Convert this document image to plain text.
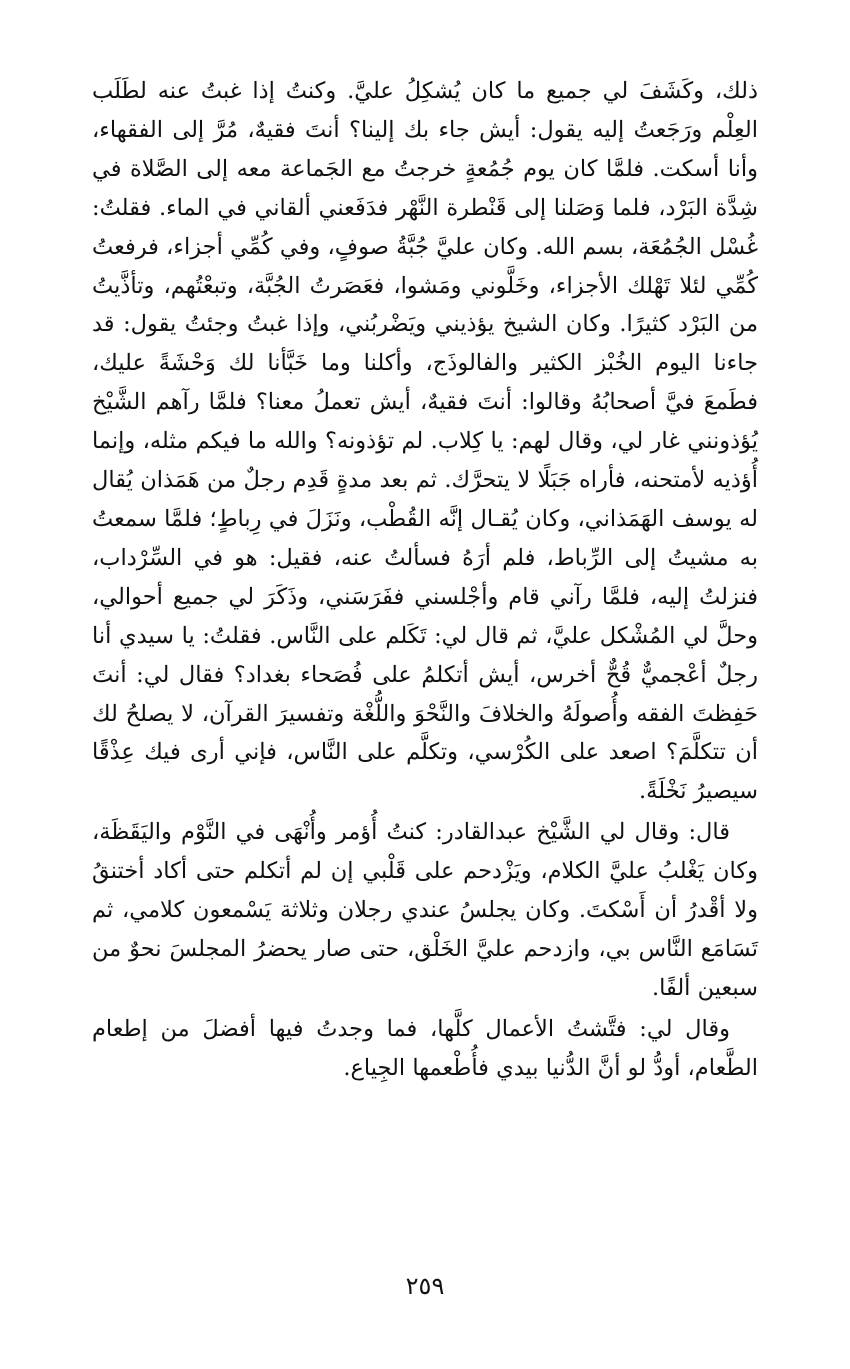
ذلك، وكَشَفَ لي جميع ما كان يُشكِلُ عليَّ. وكنتُ إذا غبتُ عنه لطَلَب العِلْم ورَجَعتُ إليه يقول: أيش جاء بك إلينا؟ أنتَ فقيهٌ، مُرَّ إلى الفقهاء، وأنا أسكت. فلمَّا كان يوم جُمُعةٍ خرجتُ مع الجَماعة معه إلى الصَّلاة في شِدَّة البَرْد، فلما وَصَلنا إلى قَنْطرة النَّهْر فدَفَعني ألقاني في الماء. فقلتُ: غُسْل الجُمُعَة، بسم الله. وكان عليَّ جُبَّةُ صوفٍ، وفي كُمِّي أجزاء، فرفعتُ كُمِّي لئلا تَهْلك الأجزاء، وخَلَّوني ومَشوا، فعَصَرتُ الجُبَّة، وتبعْتُهم، وتأذَّيتُ من البَرْد كثيرًا. وكان الشيخ يؤذيني ويَضْربُني، وإذا غبتُ وجئتُ يقول: قد جاءنا اليوم الخُبْز الكثير والفالوذَج، وأكلنا وما خَبَّأنا لك وَحْشَةً عليك، فطَمعَ فيَّ أصحابُهُ وقالوا: أنتَ فقيهٌ، أيش تعملُ معنا؟ فلمَّا رآهم الشَّيْخ يُؤذونني غار لي، وقال لهم: يا كِلاب. لم تؤذونه؟ والله ما فيكم مثله، وإنما أُؤذيه لأمتحنه، فأراه جَبَلًا لا يتحرَّك. ثم بعد مدةٍ قَدِم رجلٌ من هَمَذان يُقال له يوسف الهَمَذاني، وكان يُقـال إنَّه القُطْب، ونَزَلَ في رِباطٍ؛ فلمَّا سمعتُ به مشيتُ إلى الرِّباط، فلم أرَهُ فسألتُ عنه، فقيل: هو في السِّرْداب، فنزلتُ إليه، فلمَّا رآني قام وأجْلسني ففَرَسَني، وذَكَرَ لي جميع أحوالي، وحلَّ لي المُشْكل عليَّ، ثم قال لي: تَكَلم على النَّاس. فقلتُ: يا سيدي أنا رجلٌ أعْجميٌّ قُحٌّ أخرس، أيش أتكلمُ على فُصَحاء بغداد؟ فقال لي: أنتَ حَفِظتَ الفقه وأُصولَهُ والخلافَ والنَّحْوَ واللُّغْة وتفسيرَ القرآن، لا يصلحُ لك أن تتكلَّمَ؟ اصعد على الكُرْسي، وتكلَّم على النَّاس، فإني أرى فيك عِذْقًا سيصيرُ نَخْلَةً.

قال: وقال لي الشَّيْخ عبدالقادر: كنتُ أُؤمر وأُنْهَى في النَّوْم واليَقَظَة، وكان يَغْلبُ عليَّ الكلام، ويَزْدحم على قَلْبي إن لم أتكلم حتى أكاد أختنقُ ولا أقْدرُ أن أَسْكتَ. وكان يجلسُ عندي رجلان وثلاثة يَسْمعون كلامي، ثم تَسَامَع النَّاس بي، وازدحم عليَّ الخَلْق، حتى صار يحضرُ المجلسَ نحوٌ من سبعين ألفًا.

وقال لي: فتَّشتُ الأعمال كلَّها، فما وجدتُ فيها أفضلَ من إطعام الطَّعام، أودُّ لو أنَّ الدُّنيا بيدي فأُطْعمها الجِياع.

٢٥٩
